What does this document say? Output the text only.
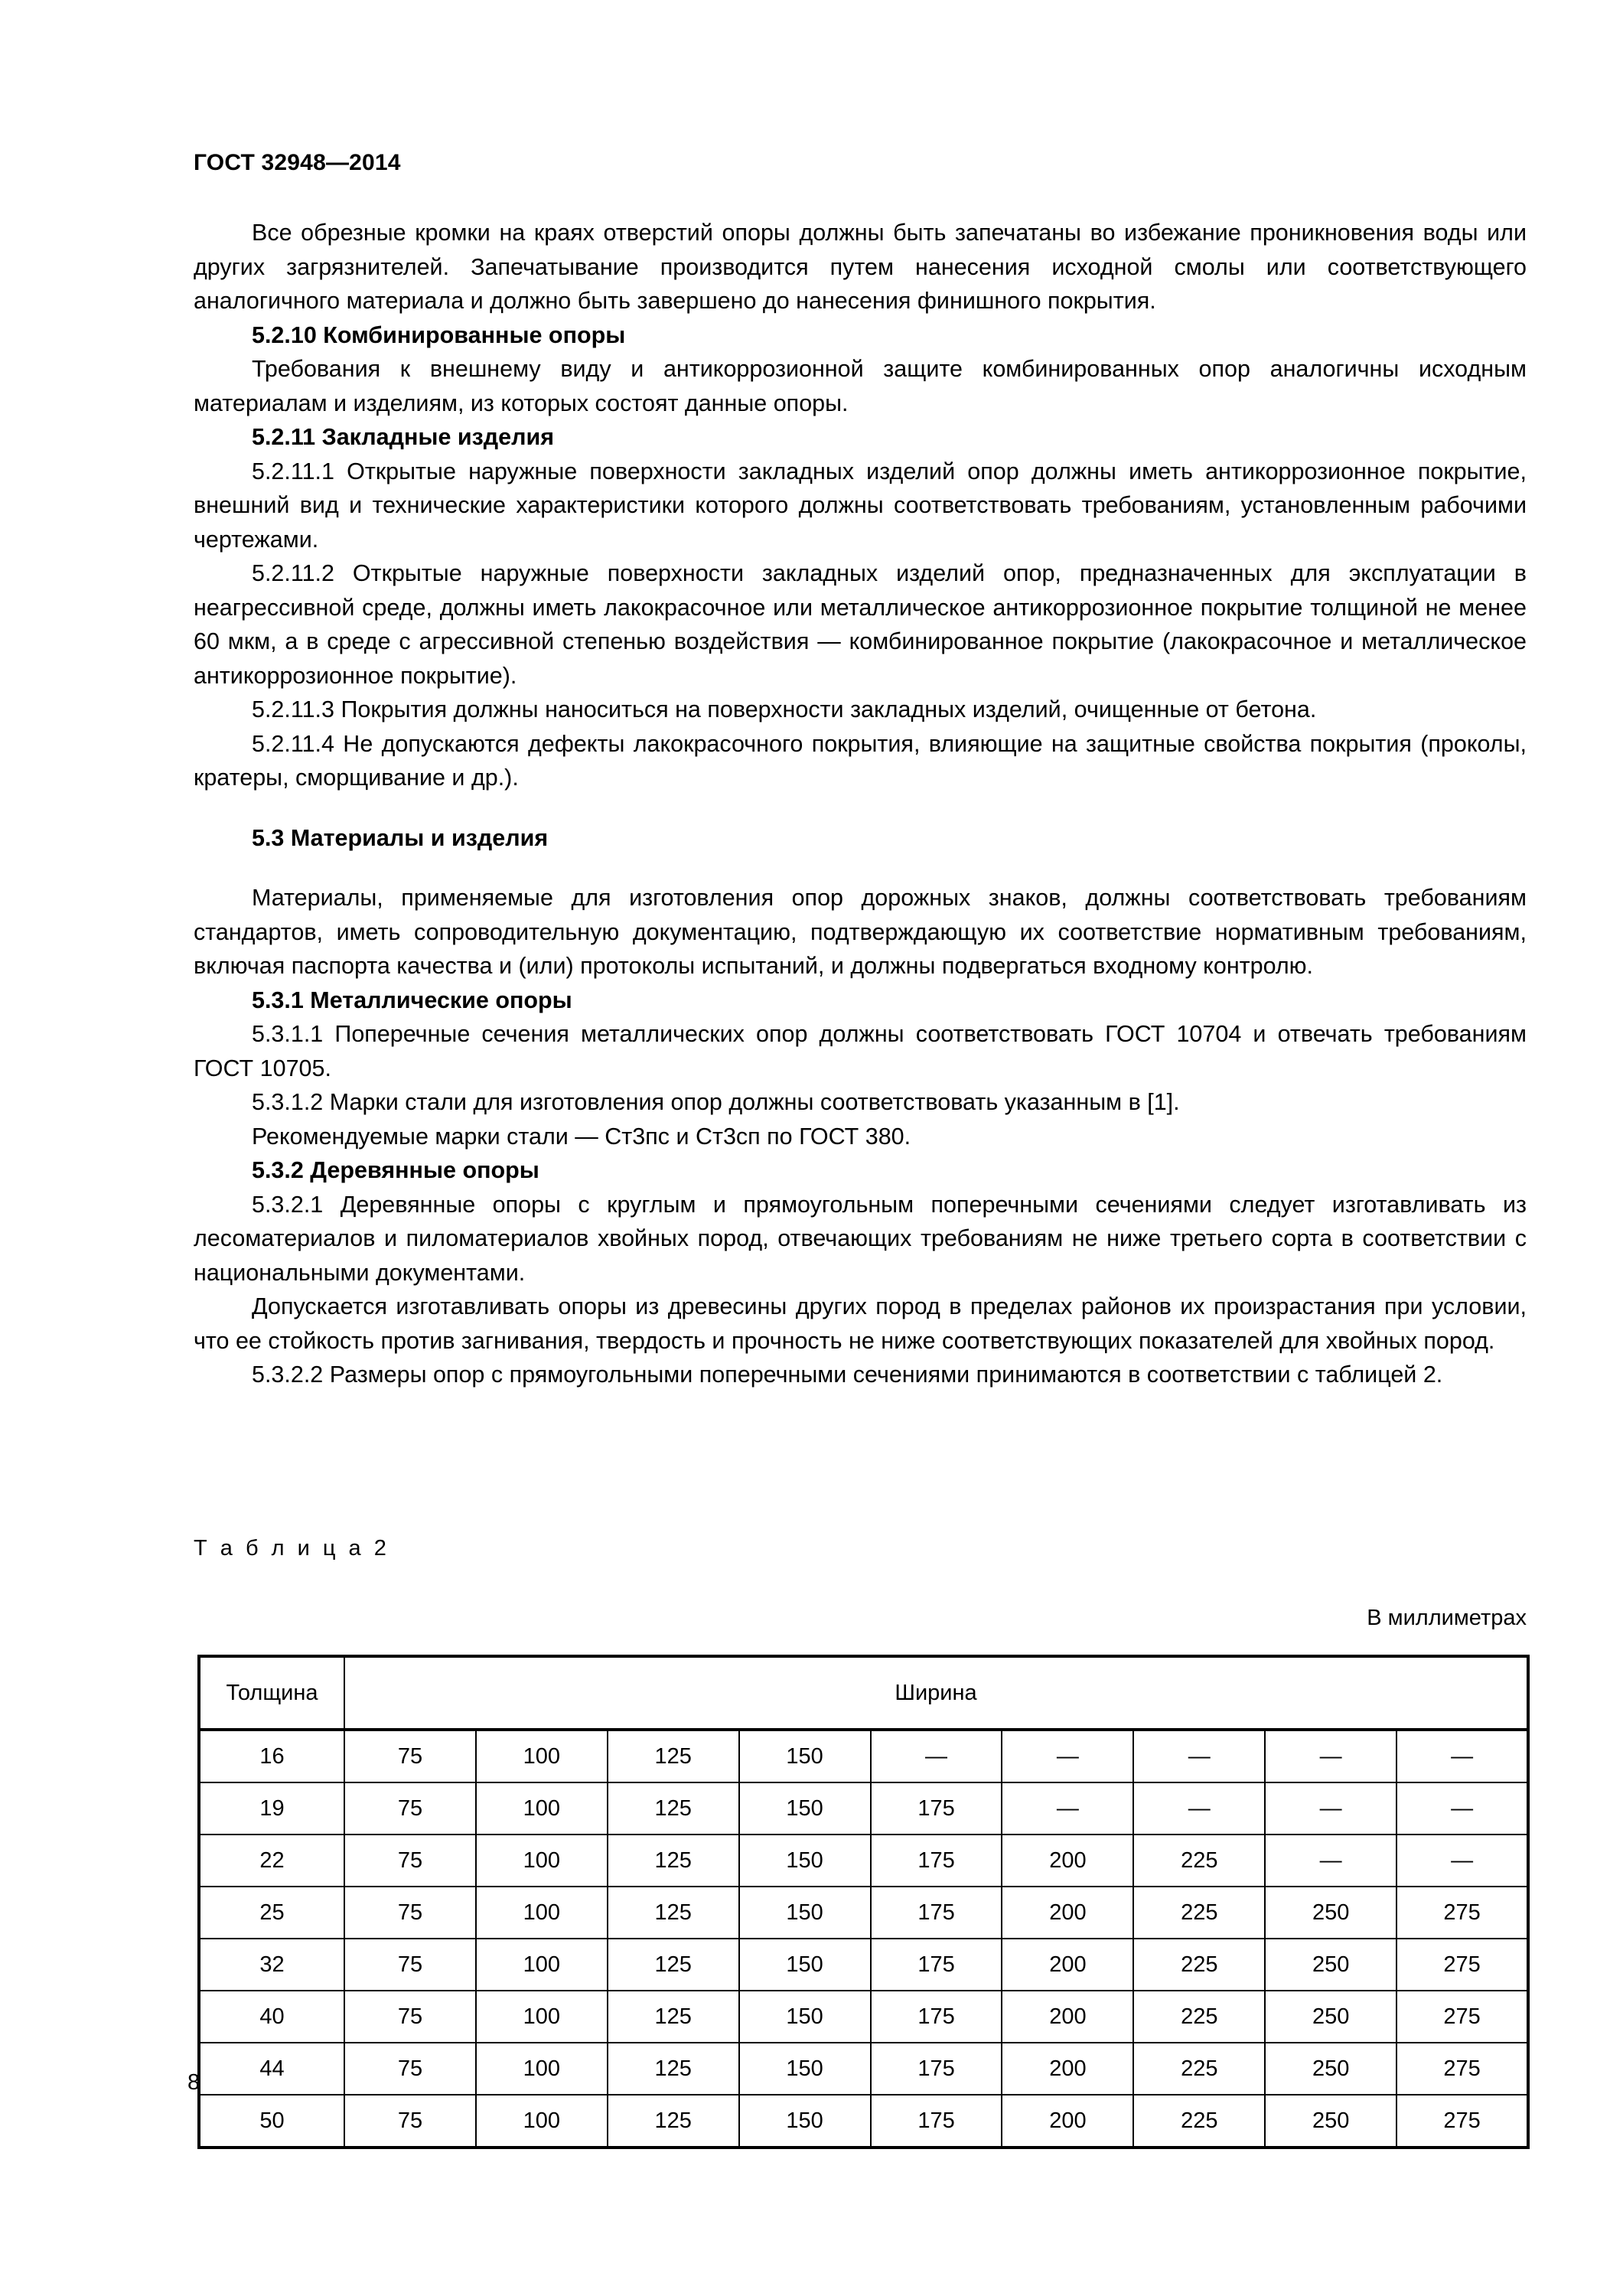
ГОСТ 32948—2014

Все обрезные кромки на краях отверстий опоры должны быть запечатаны во избежание проникновения воды или других загрязнителей. Запечатывание производится путем нанесения исходной смолы или соответствующего аналогичного материала и должно быть завершено до нанесения финишного покрытия.

5.2.10 Комбинированные опоры

Требования к внешнему виду и антикоррозионной защите комбинированных опор аналогичны исходным материалам и изделиям, из которых состоят данные опоры.

5.2.11 Закладные изделия

5.2.11.1 Открытые наружные поверхности закладных изделий опор должны иметь антикоррозионное покрытие, внешний вид и технические характеристики которого должны соответствовать требованиям, установленным рабочими чертежами.

5.2.11.2 Открытые наружные поверхности закладных изделий опор, предназначенных для эксплуатации в неагрессивной среде, должны иметь лакокрасочное или металлическое антикоррозионное покрытие толщиной не менее 60 мкм, а в среде с агрессивной степенью воздействия — комбинированное покрытие (лакокрасочное и металлическое антикоррозионное покрытие).

5.2.11.3 Покрытия должны наноситься на поверхности закладных изделий, очищенные от бетона.

5.2.11.4 Не допускаются дефекты лакокрасочного покрытия, влияющие на защитные свойства покрытия (проколы, кратеры, сморщивание и др.).

5.3 Материалы и изделия

Материалы, применяемые для изготовления опор дорожных знаков, должны соответствовать требованиям стандартов, иметь сопроводительную документацию, подтверждающую их соответствие нормативным требованиям, включая паспорта качества и (или) протоколы испытаний, и должны подвергаться входному контролю.

5.3.1 Металлические опоры

5.3.1.1 Поперечные сечения металлических опор должны соответствовать ГОСТ 10704 и отвечать требованиям ГОСТ 10705.

5.3.1.2 Марки стали для изготовления опор должны соответствовать указанным в [1].

Рекомендуемые марки стали — Ст3пс и Ст3сп по ГОСТ 380.

5.3.2 Деревянные опоры

5.3.2.1 Деревянные опоры с круглым и прямоугольным поперечными сечениями следует изготавливать из лесоматериалов и пиломатериалов хвойных пород, отвечающих требованиям не ниже третьего сорта в соответствии с национальными документами.

Допускается изготавливать опоры из древесины других пород в пределах районов их произрастания при условии, что ее стойкость против загнивания, твердость и прочность не ниже соответствующих показателей для хвойных пород.

5.3.2.2 Размеры опор с прямоугольными поперечными сечениями принимаются в соответствии с таблицей 2.

Т а б л и ц а 2
В миллиметрах
Толщина	Ширина								
16	75	100	125	150	—	—	—	—	—
19	75	100	125	150	175	—	—	—	—
22	75	100	125	150	175	200	225	—	—
25	75	100	125	150	175	200	225	250	275
32	75	100	125	150	175	200	225	250	275
40	75	100	125	150	175	200	225	250	275
44	75	100	125	150	175	200	225	250	275
50	75	100	125	150	175	200	225	250	275
8
